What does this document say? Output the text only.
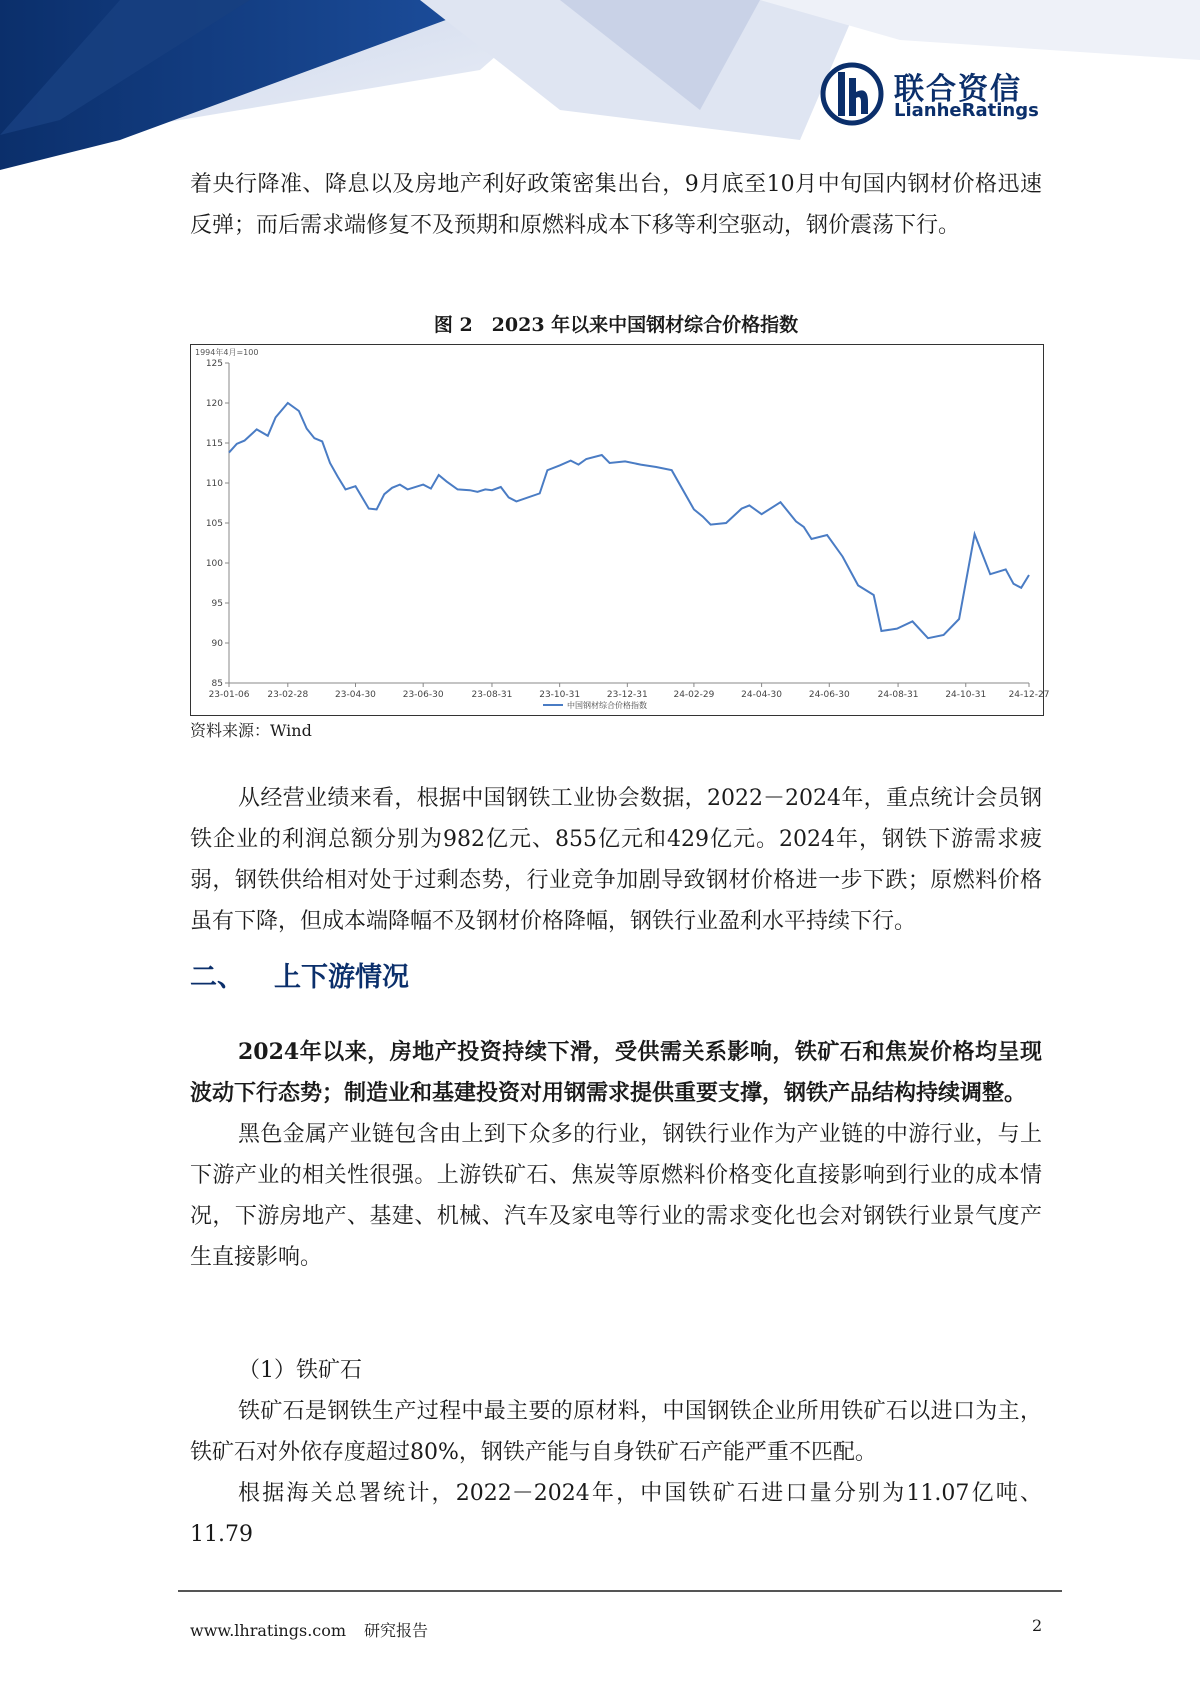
联合资信
LianheRatings

着央行降准、降息以及房地产利好政策密集出台，9月底至10月中旬国内钢材价格迅速反弹；而后需求端修复不及预期和原燃料成本下移等利空驱动，钢价震荡下行。

图 2　2023 年以来中国钢材综合价格指数
1994年4月=100
85
90
95
100
105
110
115
120
125
23-01-06 23-02-28	23-04-30	23-06-30	23-08-31	23-10-31	23-12-31	24-02-29	24-04-30	24-06-30	24-08-31	24-10-31 24-12-27
中国钢材综合价格指数
资料来源：Wind

从经营业绩来看，根据中国钢铁工业协会数据，2022－2024年，重点统计会员钢铁企业的利润总额分别为982亿元、855亿元和429亿元。2024年，钢铁下游需求疲弱，钢铁供给相对处于过剩态势，行业竞争加剧导致钢材价格进一步下跌；原燃料价格虽有下降，但成本端降幅不及钢材价格降幅，钢铁行业盈利水平持续下行。

二、 上下游情况

2024年以来，房地产投资持续下滑，受供需关系影响，铁矿石和焦炭价格均呈现波动下行态势；制造业和基建投资对用钢需求提供重要支撑，钢铁产品结构持续调整。

黑色金属产业链包含由上到下众多的行业，钢铁行业作为产业链的中游行业，与上下游产业的相关性很强。上游铁矿石、焦炭等原燃料价格变化直接影响到行业的成本情况，下游房地产、基建、机械、汽车及家电等行业的需求变化也会对钢铁行业景气度产生直接影响。

（1）铁矿石

铁矿石是钢铁生产过程中最主要的原材料，中国钢铁企业所用铁矿石以进口为主，铁矿石对外依存度超过80%，钢铁产能与自身铁矿石产能严重不匹配。

根据海关总署统计，2022－2024年，中国铁矿石进口量分别为11.07亿吨、11.79

www.lhratings.com 研究报告	2
